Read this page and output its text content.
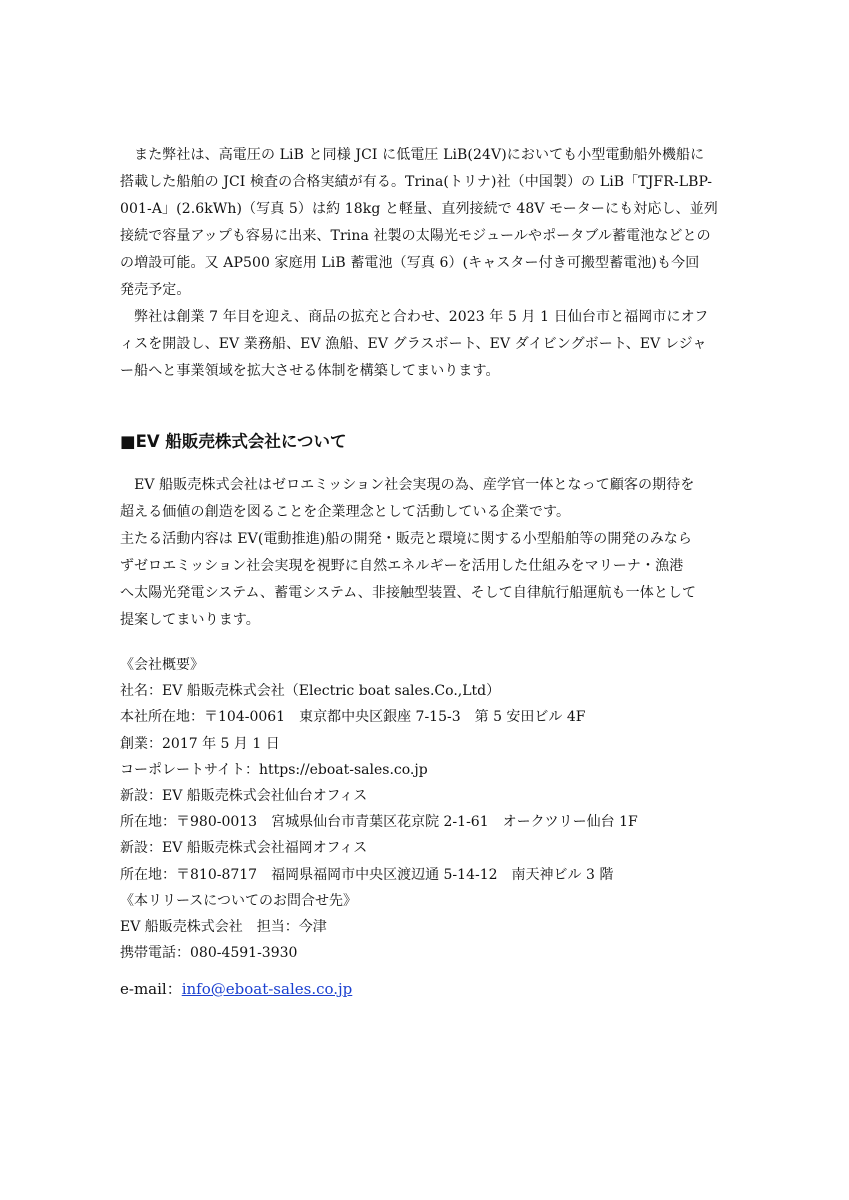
　また弊社は、高電圧の LiB と同様 JCI に低電圧 LiB(24V)においても小型電動船外機船に
搭載した船舶の JCI 検査の合格実績が有る。Trina(トリナ)社（中国製）の LiB「TJFR-LBP-
001-A」(2.6kWh)（写真 5）は約 18kg と軽量、直列接続で 48V モーターにも対応し、並列
接続で容量アップも容易に出来、Trina 社製の太陽光モジュールやポータブル蓄電池などとの
の増設可能。又 AP500 家庭用 LiB 蓄電池（写真 6）(キャスター付き可搬型蓄電池)も今回
発売予定。
　弊社は創業 7 年目を迎え、商品の拡充と合わせ、2023 年 5 月 1 日仙台市と福岡市にオフ
ィスを開設し、EV 業務船、EV 漁船、EV グラスボート、EV ダイビングボート、EV レジャ
ー船へと事業領域を拡大させる体制を構築してまいります。
■EV 船販売株式会社について
　EV 船販売株式会社はゼロエミッション社会実現の為、産学官一体となって顧客の期待を
超える価値の創造を図ることを企業理念として活動している企業です。
主たる活動内容は EV(電動推進)船の開発・販売と環境に関する小型船舶等の開発のみなら
ずゼロエミッション社会実現を視野に自然エネルギーを活用した仕組みをマリーナ・漁港
へ太陽光発電システム、蓄電システム、非接触型装置、そして自律航行船運航も一体として
提案してまいります。
《会社概要》
社名：EV 船販売株式会社（Electric boat sales.Co.,Ltd）
本社所在地：〒104-0061　東京都中央区銀座 7-15-3　第 5 安田ビル 4F
創業：2017 年 5 月 1 日
コーポレートサイト：https://eboat-sales.co.jp
新設：EV 船販売株式会社仙台オフィス
所在地：〒980-0013　宮城県仙台市青葉区花京院 2-1-61　オークツリー仙台 1F
新設：EV 船販売株式会社福岡オフィス
所在地：〒810-8717　福岡県福岡市中央区渡辺通 5-14-12　南天神ビル 3 階
《本リリースについてのお問合せ先》
EV 船販売株式会社　担当：今津
携帯電話：080-4591-3930
e-mail：info@eboat-sales.co.jp
